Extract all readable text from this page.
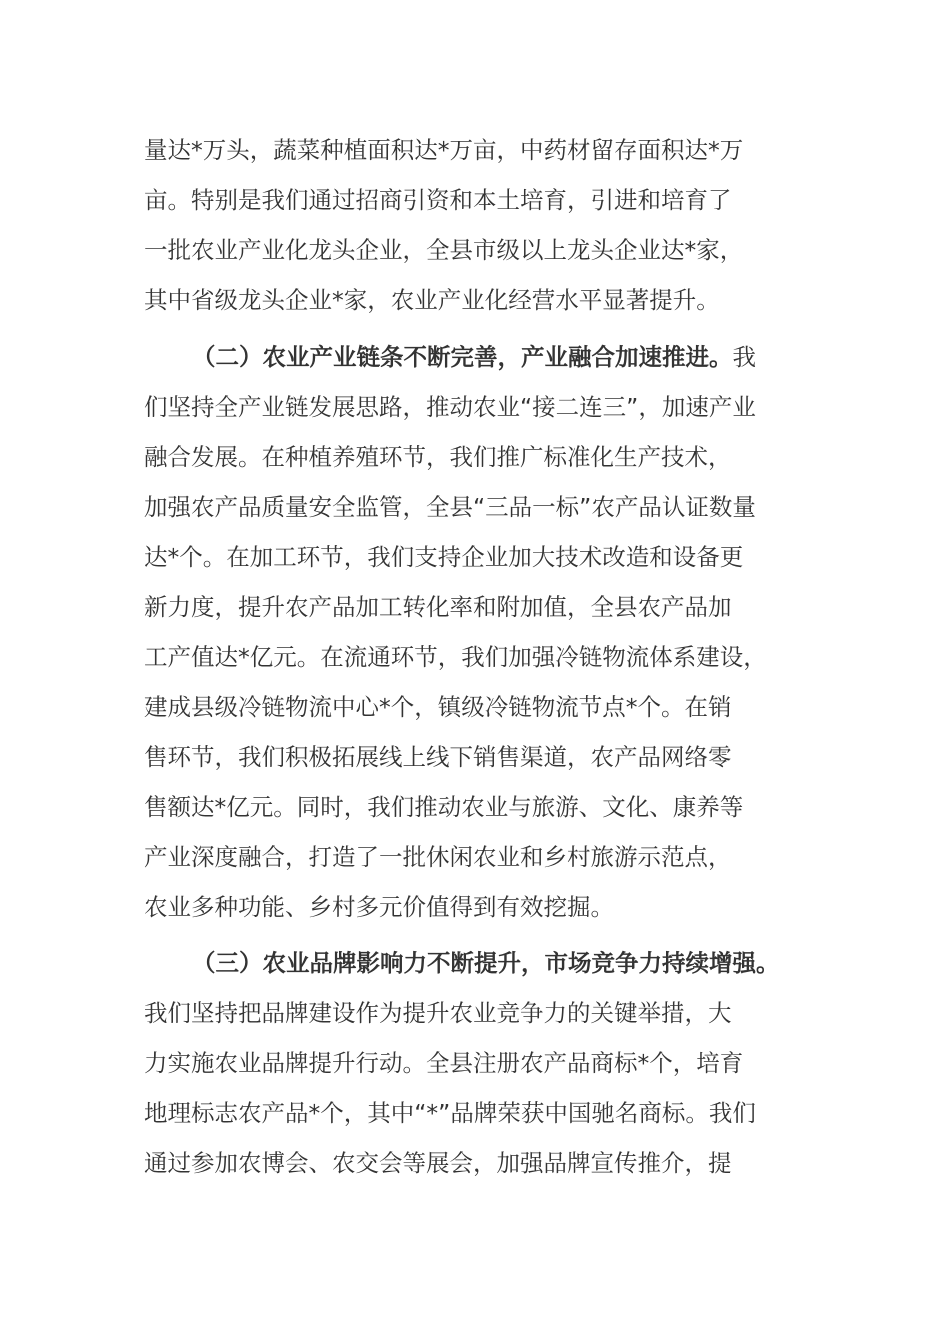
量达*万头，蔬菜种植面积达*万亩，中药材留存面积达*万
亩。特别是我们通过招商引资和本土培育，引进和培育了
一批农业产业化龙头企业，全县市级以上龙头企业达*家，
其中省级龙头企业*家，农业产业化经营水平显著提升。
（二）农业产业链条不断完善，产业融合加速推进。我
们坚持全产业链发展思路，推动农业“接二连三”，加速产业
融合发展。在种植养殖环节，我们推广标准化生产技术，
加强农产品质量安全监管，全县“三品一标”农产品认证数量
达*个。在加工环节，我们支持企业加大技术改造和设备更
新力度，提升农产品加工转化率和附加值，全县农产品加
工产值达*亿元。在流通环节，我们加强冷链物流体系建设，
建成县级冷链物流中心*个，镇级冷链物流节点*个。在销
售环节，我们积极拓展线上线下销售渠道，农产品网络零
售额达*亿元。同时，我们推动农业与旅游、文化、康养等
产业深度融合，打造了一批休闲农业和乡村旅游示范点，
农业多种功能、乡村多元价值得到有效挖掘。
（三）农业品牌影响力不断提升，市场竞争力持续增强。
我们坚持把品牌建设作为提升农业竞争力的关键举措，大
力实施农业品牌提升行动。全县注册农产品商标*个，培育
地理标志农产品*个，其中“*”品牌荣获中国驰名商标。我们
通过参加农博会、农交会等展会，加强品牌宣传推介，提
